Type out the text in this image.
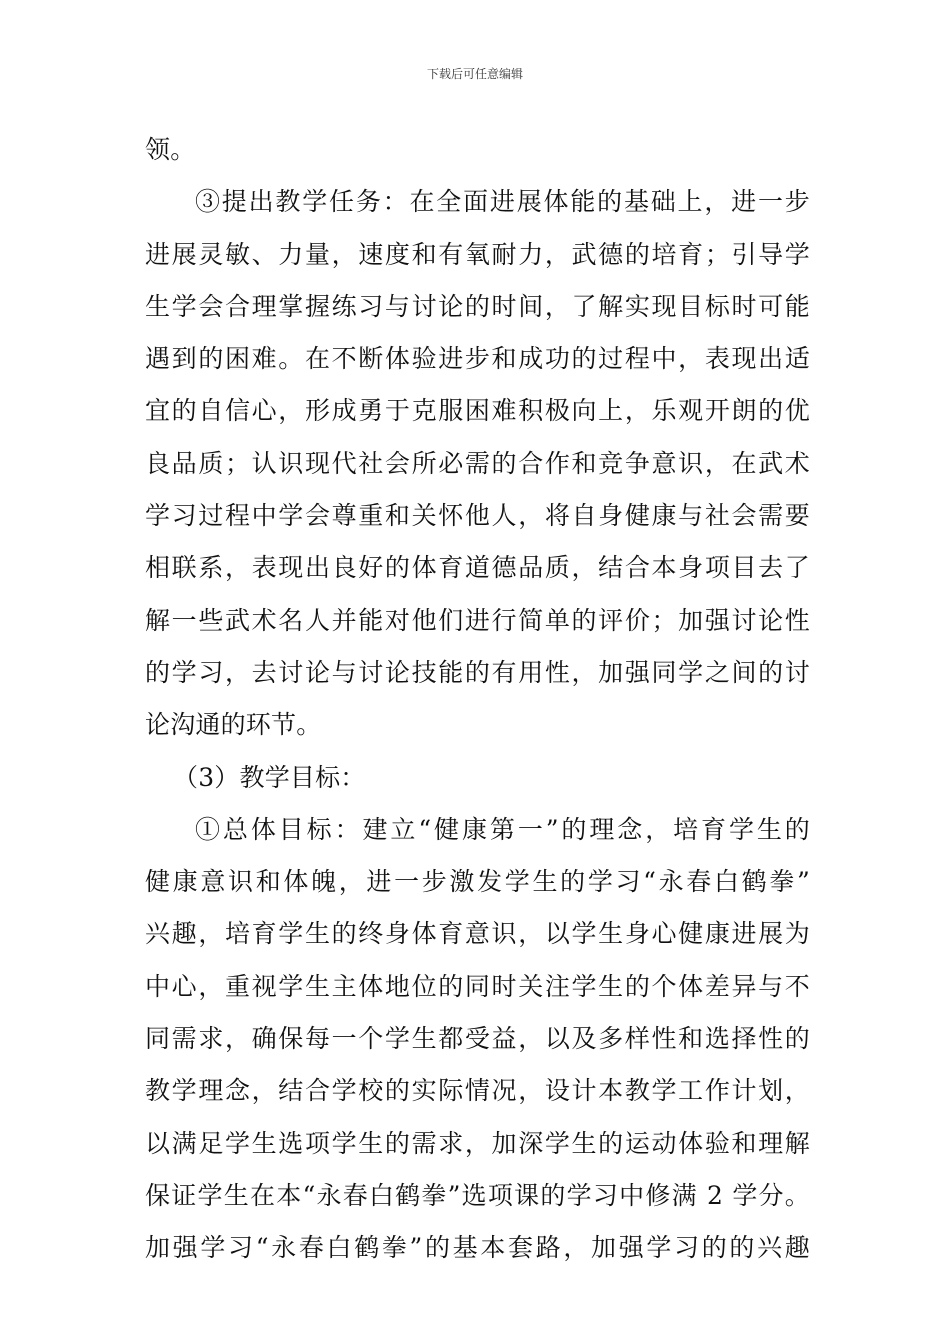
下载后可任意编辑
领。
③提出教学任务：在全面进展体能的基础上，进一步
进展灵敏、力量，速度和有氧耐力，武德的培育；引导学
生学会合理掌握练习与讨论的时间，了解实现目标时可能
遇到的困难。在不断体验进步和成功的过程中，表现出适
宜的自信心，形成勇于克服困难积极向上，乐观开朗的优
良品质；认识现代社会所必需的合作和竞争意识，在武术
学习过程中学会尊重和关怀他人，将自身健康与社会需要
相联系，表现出良好的体育道德品质，结合本身项目去了
解一些武术名人并能对他们进行简单的评价；加强讨论性
的学习，去讨论与讨论技能的有用性，加强同学之间的讨
论沟通的环节。
（3）教学目标：
①总体目标：建立“健康第一”的理念，培育学生的
健康意识和体魄，进一步激发学生的学习“永春白鹤拳”
兴趣，培育学生的终身体育意识，以学生身心健康进展为
中心，重视学生主体地位的同时关注学生的个体差异与不
同需求，确保每一个学生都受益，以及多样性和选择性的
教学理念，结合学校的实际情况，设计本教学工作计划，
以满足学生选项学生的需求，加深学生的运动体验和理解
保证学生在本“永春白鹤拳”选项课的学习中修满 2 学分。
加强学习“永春白鹤拳”的基本套路，加强学习的的兴趣
